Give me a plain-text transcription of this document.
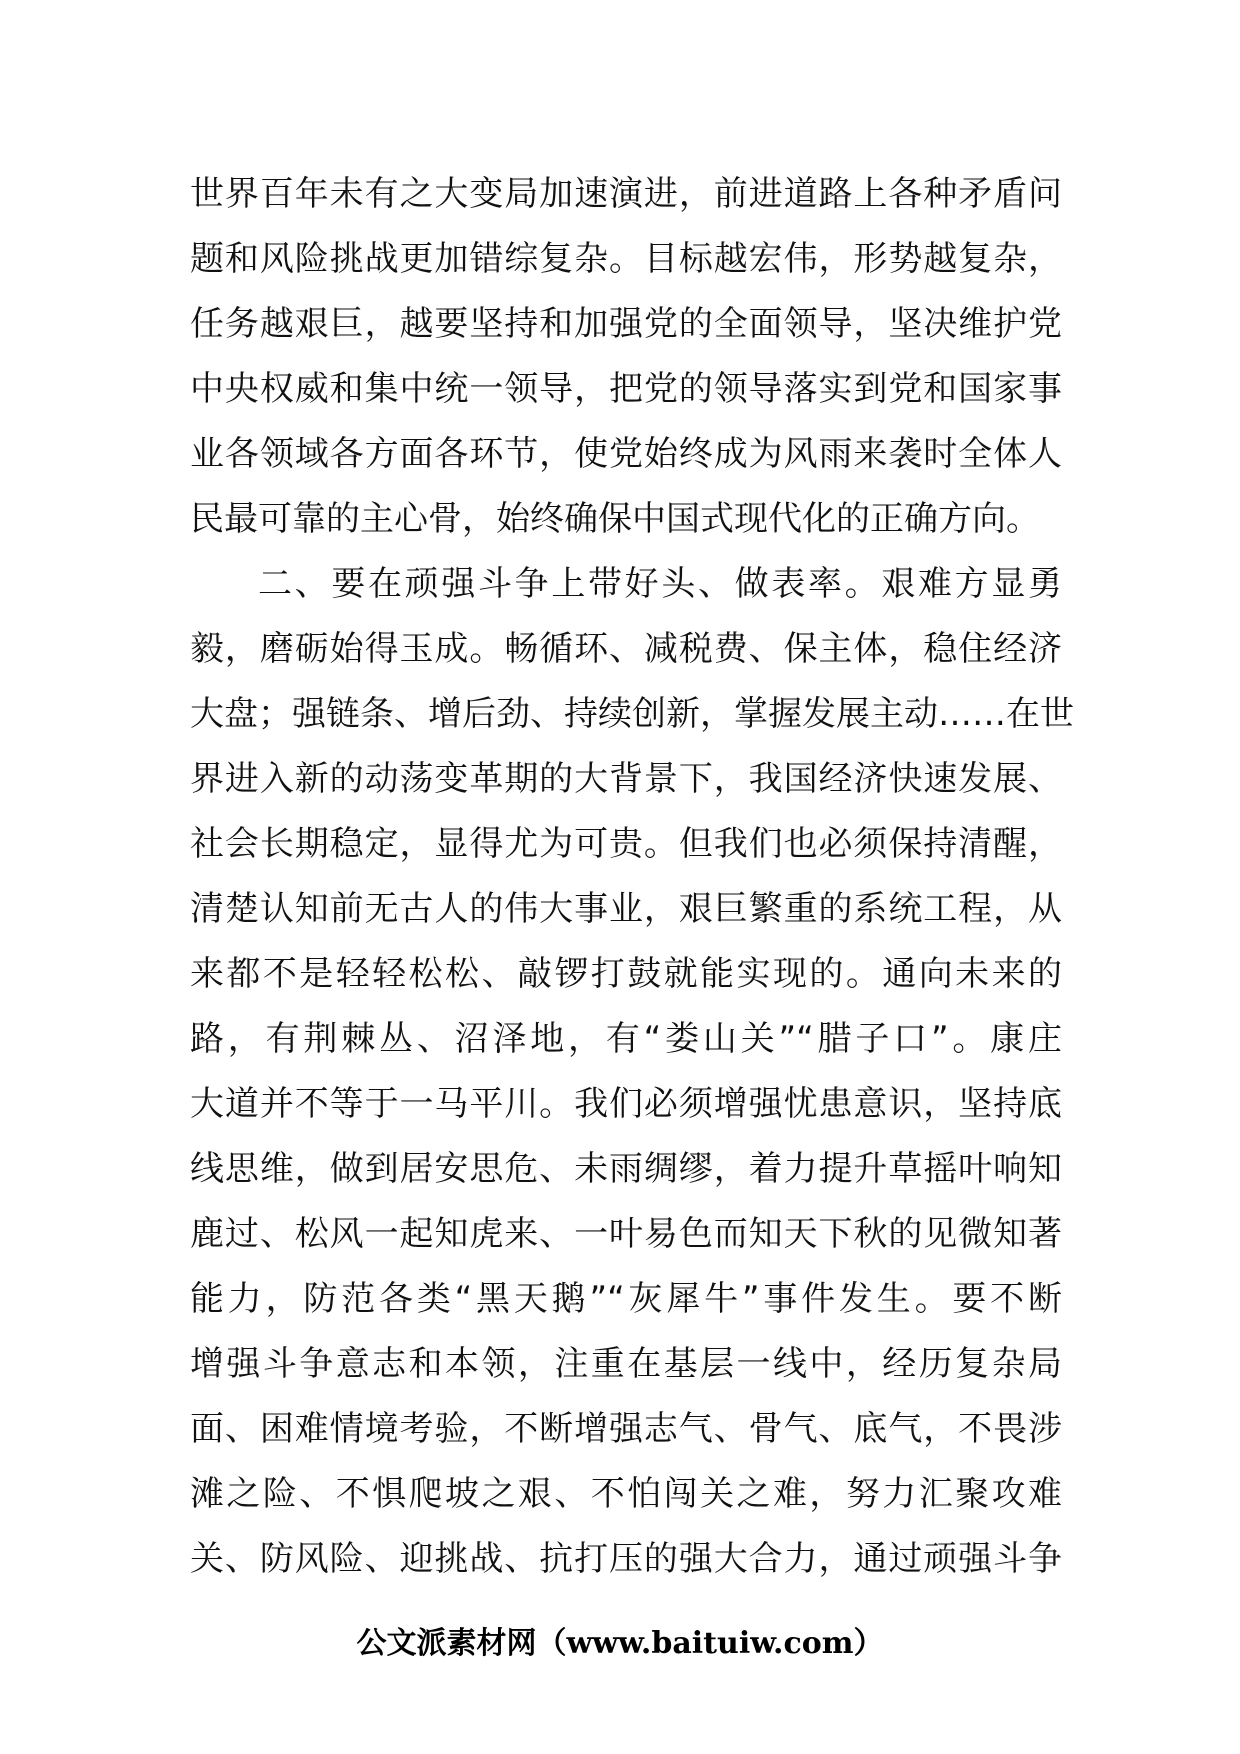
世界百年未有之大变局加速演进，前进道路上各种矛盾问
题和风险挑战更加错综复杂。目标越宏伟，形势越复杂，
任务越艰巨，越要坚持和加强党的全面领导，坚决维护党
中央权威和集中统一领导，把党的领导落实到党和国家事
业各领域各方面各环节，使党始终成为风雨来袭时全体人
民最可靠的主心骨，始终确保中国式现代化的正确方向。
二、要在顽强斗争上带好头、做表率。艰难方显勇
毅，磨砺始得玉成。畅循环、减税费、保主体，稳住经济
大盘；强链条、增后劲、持续创新，掌握发展主动……在世
界进入新的动荡变革期的大背景下，我国经济快速发展、
社会长期稳定，显得尤为可贵。但我们也必须保持清醒，
清楚认知前无古人的伟大事业，艰巨繁重的系统工程，从
来都不是轻轻松松、敲锣打鼓就能实现的。通向未来的
路，有荆棘丛、沼泽地，有“娄山关”“腊子口”。康庄
大道并不等于一马平川。我们必须增强忧患意识，坚持底
线思维，做到居安思危、未雨绸缪，着力提升草摇叶响知
鹿过、松风一起知虎来、一叶易色而知天下秋的见微知著
能力，防范各类“黑天鹅”“灰犀牛”事件发生。要不断
增强斗争意志和本领，注重在基层一线中，经历复杂局
面、困难情境考验，不断增强志气、骨气、底气，不畏涉
滩之险、不惧爬坡之艰、不怕闯关之难，努力汇聚攻难
关、防风险、迎挑战、抗打压的强大合力，通过顽强斗争
公文派素材网（www.baituiw.com）
